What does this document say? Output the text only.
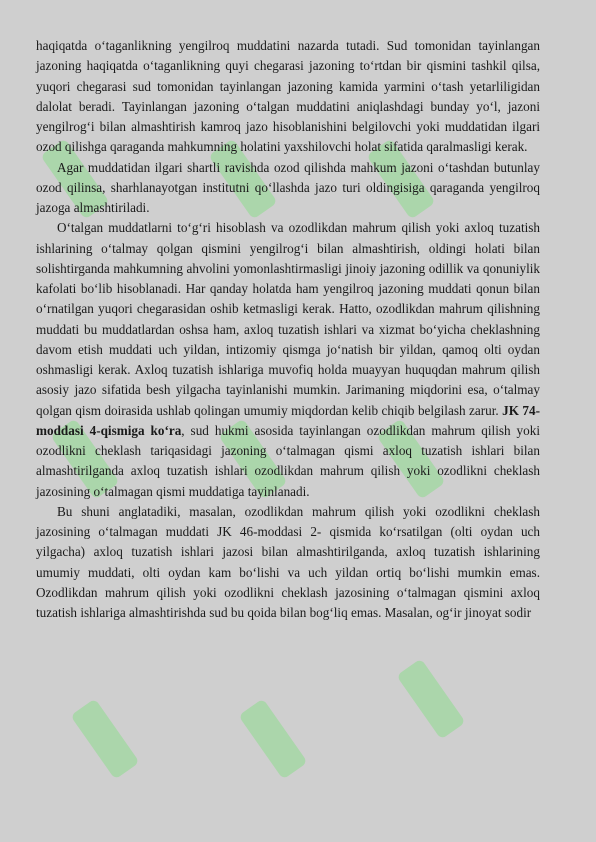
haqiqatda o‘taganlikning yengilroq muddatini nazarda tutadi. Sud tomonidan tayinlangan jazoning haqiqatda o‘taganlikning quyi chegarasi jazoning to‘rtdan bir qismini tashkil qilsa, yuqori chegarasi sud tomonidan tayinlangan jazoning kamida yarmini o‘tash yetarliligidan dalolat beradi. Tayinlangan jazoning o‘talgan muddatini aniqlashdagi bunday yo‘l, jazoni yengilrog‘i bilan almashtirish kamroq jazo hisoblanishini belgilovchi yoki muddatidan ilgari ozod qilishga qaraganda mahkumning holatini yaxshilovchi holat sifatida qaralmasligi kerak.

Agar muddatidan ilgari shartli ravishda ozod qilishda mahkum jazoni o‘tashdan butunlay ozod qilinsa, sharhlanayotgan institutni qo‘llashda jazo turi oldingisiga qaraganda yengilroq jazoga almashtiriladi.

O‘talgan muddatlarni to‘g‘ri hisoblash va ozodlikdan mahrum qilish yoki axloq tuzatish ishlarining o‘talmay qolgan qismini yengilrog‘i bilan almashtirish, oldingi holati bilan solishtirganda mahkumning ahvolini yomonlashtirmasligi jinoiy jazoning odillik va qonuniylik kafolati bo‘lib hisoblanadi. Har qanday holatda ham yengilroq jazoning muddati qonun bilan o‘rnatilgan yuqori chegarasidan oshib ketmasligi kerak. Hatto, ozodlikdan mahrum qilishning muddati bu muddatlardan oshsa ham, axloq tuzatish ishlari va xizmat bo‘yicha cheklashning davom etish muddati uch yildan, intizomiy qismga jo‘natish bir yildan, qamoq olti oydan oshmasligi kerak. Axloq tuzatish ishlariga muvofiq holda muayyan huquqdan mahrum qilish asosiy jazo sifatida besh yilgacha tayinlanishi mumkin. Jarimaning miqdorini esa, o‘talmay qolgan qism doirasida ushlab qolingan umumiy miqdordan kelib chiqib belgilash zarur. JK 74-moddasi 4-qismiga ko‘ra, sud hukmi asosida tayinlangan ozodlikdan mahrum qilish yoki ozodlikni cheklash tariqasidagi jazoning o‘talmagan qismi axloq tuzatish ishlari bilan almashtirilganda axloq tuzatish ishlari ozodlikdan mahrum qilish yoki ozodlikni cheklash jazosining o‘talmagan qismi muddatiga tayinlanadi.

Bu shuni anglatadiki, masalan, ozodlikdan mahrum qilish yoki ozodlikni cheklash jazosining o‘talmagan muddati JK 46-moddasi 2- qismida ko‘rsatilgan (olti oydan uch yilgacha) axloq tuzatish ishlari jazosi bilan almashtirilganda, axloq tuzatish ishlarining umumiy muddati, olti oydan kam bo‘lishi va uch yildan ortiq bo‘lishi mumkin emas. Ozodlikdan mahrum qilish yoki ozodlikni cheklash jazosining o‘talmagan qismini axloq tuzatish ishlariga almashtirishda sud bu qoida bilan bog‘liq emas. Masalan, og‘ir jinoyat sodir
